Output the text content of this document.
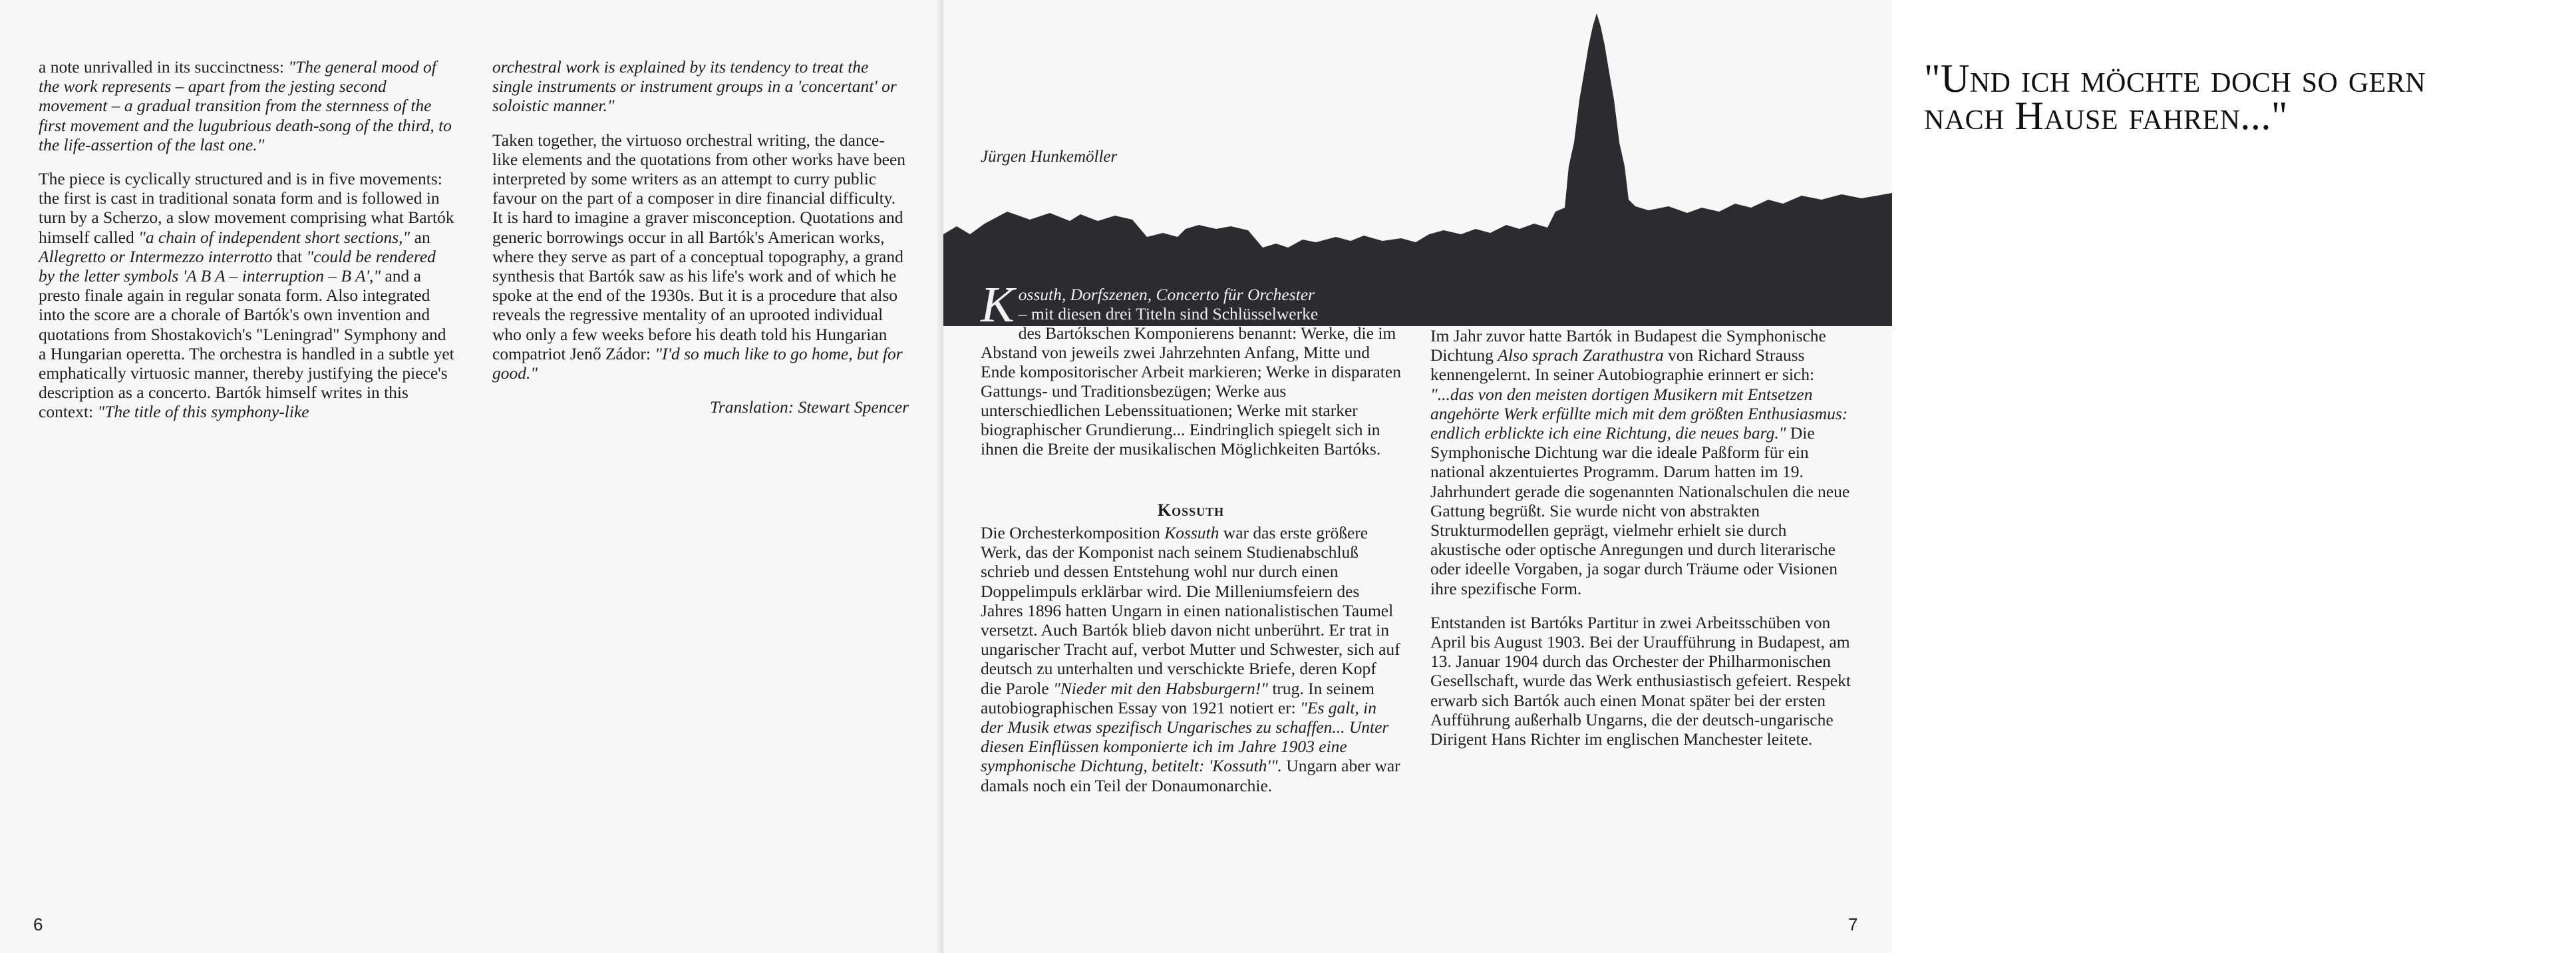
a note unrivalled in its succinctness: "The general mood of the work represents – apart from the jesting second movement – a gradual transition from the sternness of the first movement and the lugubrious death-song of the third, to the life-assertion of the last one."

The piece is cyclically structured and is in five movements: the first is cast in traditional sonata form and is followed in turn by a Scherzo, a slow movement comprising what Bartók himself called "a chain of independent short sections," an Allegretto or Intermezzo interrotto that "could be rendered by the letter symbols 'A B A – interruption – B A'," and a presto finale again in regular sonata form. Also integrated into the score are a chorale of Bartók's own invention and quotations from Shostakovich's "Leningrad" Symphony and a Hungarian operetta. The orchestra is handled in a subtle yet emphatically virtuosic manner, thereby justifying the piece's description as a concerto. Bartók himself writes in this context: "The title of this symphony-like

orchestral work is explained by its tendency to treat the single instruments or instrument groups in a 'concertant' or soloistic manner."

Taken together, the virtuoso orchestral writing, the dance-like elements and the quotations from other works have been interpreted by some writers as an attempt to curry public favour on the part of a composer in dire financial difficulty. It is hard to imagine a graver misconception. Quotations and generic borrowings occur in all Bartók's American works, where they serve as part of a conceptual topography, a grand synthesis that Bartók saw as his life's work and of which he spoke at the end of the 1930s. But it is a procedure that also reveals the regressive mentality of an uprooted individual who only a few weeks before his death told his Hungarian compatriot Jenő Zádor: "I'd so much like to go home, but for good."

Translation: Stewart Spencer

6
"Und ich möchte doch so gern
nach Hause fahren..."
Jürgen Hunkemöller
Kossuth, Dorfszenen, Concerto für Orchester
– mit diesen drei Titeln sind Schlüsselwerke
des Bartókschen Komponierens benannt: Werke, die im Abstand von jeweils zwei Jahrzehnten Anfang, Mitte und Ende kompositorischer Arbeit markieren; Werke in disparaten Gattungs- und Traditionsbezügen; Werke aus unterschiedlichen Lebenssituationen; Werke mit starker biographischer Grundierung... Eindringlich spiegelt sich in ihnen die Breite der musikalischen Möglichkeiten Bartóks.
Kossuth

Die Orchesterkomposition Kossuth war das erste größere Werk, das der Komponist nach seinem Studienabschluß schrieb und dessen Entstehung wohl nur durch einen Doppelimpuls erklärbar wird. Die Milleniumsfeiern des Jahres 1896 hatten Ungarn in einen nationalistischen Taumel versetzt. Auch Bartók blieb davon nicht unberührt. Er trat in ungarischer Tracht auf, verbot Mutter und Schwester, sich auf deutsch zu unterhalten und verschickte Briefe, deren Kopf die Parole "Nieder mit den Habsburgern!" trug. In seinem autobiographischen Essay von 1921 notiert er: "Es galt, in der Musik etwas spezifisch Ungarisches zu schaffen... Unter diesen Einflüssen komponierte ich im Jahre 1903 eine symphonische Dichtung, betitelt: 'Kossuth'". Ungarn aber war damals noch ein Teil der Donaumonarchie.

Im Jahr zuvor hatte Bartók in Budapest die Symphonische Dichtung Also sprach Zarathustra von Richard Strauss kennengelernt. In seiner Autobiographie erinnert er sich: "...das von den meisten dortigen Musikern mit Entsetzen angehörte Werk erfüllte mich mit dem größten Enthusiasmus: endlich erblickte ich eine Richtung, die neues barg." Die Symphonische Dichtung war die ideale Paßform für ein national akzentuiertes Programm. Darum hatten im 19. Jahrhundert gerade die sogenannten Nationalschulen die neue Gattung begrüßt. Sie wurde nicht von abstrakten Strukturmodellen geprägt, vielmehr erhielt sie durch akustische oder optische Anregungen und durch literarische oder ideelle Vorgaben, ja sogar durch Träume oder Visionen ihre spezifische Form.

Entstanden ist Bartóks Partitur in zwei Arbeitsschüben von April bis August 1903. Bei der Uraufführung in Budapest, am 13. Januar 1904 durch das Orchester der Philharmonischen Gesellschaft, wurde das Werk enthusiastisch gefeiert. Respekt erwarb sich Bartók auch einen Monat später bei der ersten Aufführung außerhalb Ungarns, die der deutsch-ungarische Dirigent Hans Richter im englischen Manchester leitete.

7
